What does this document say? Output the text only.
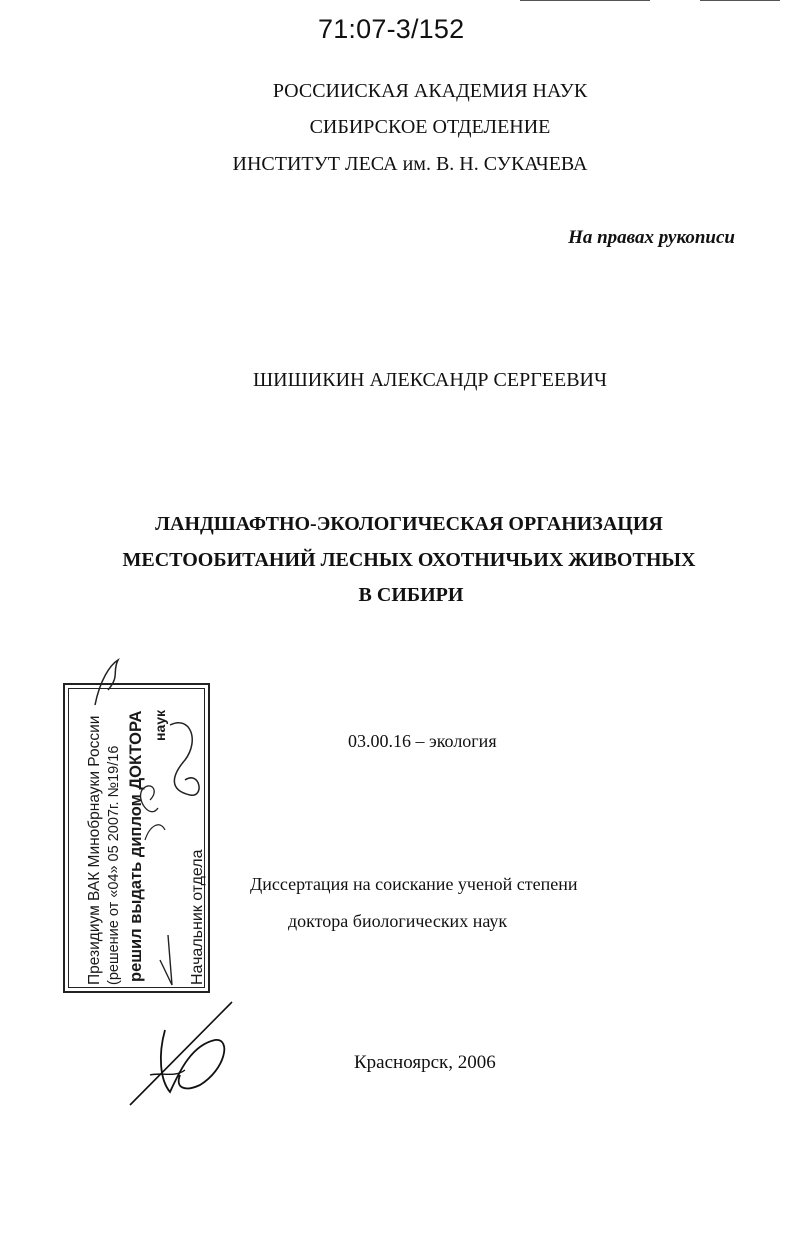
71:07-3/152
РОССИИСКАЯ АКАДЕМИЯ НАУК
СИБИРСКОЕ ОТДЕЛЕНИЕ
ИНСТИТУТ ЛЕСА им. В. Н. СУКАЧЕВА
На правах рукописи
ШИШИКИН АЛЕКСАНДР СЕРГЕЕВИЧ
ЛАНДШАФТНО-ЭКОЛОГИЧЕСКАЯ ОРГАНИЗАЦИЯ
МЕСТООБИТАНИЙ ЛЕСНЫХ ОХОТНИЧЬИХ ЖИВОТНЫХ
В СИБИРИ
03.00.16 – экология
Диссертация на соискание ученой степени
доктора биологических наук
Красноярск, 2006
Президиум ВАК Минобрнауки России (решение от «04» 05 2007г. №19/16 решил выдать диплом ДОКТОРА наук
Начальник отдела
